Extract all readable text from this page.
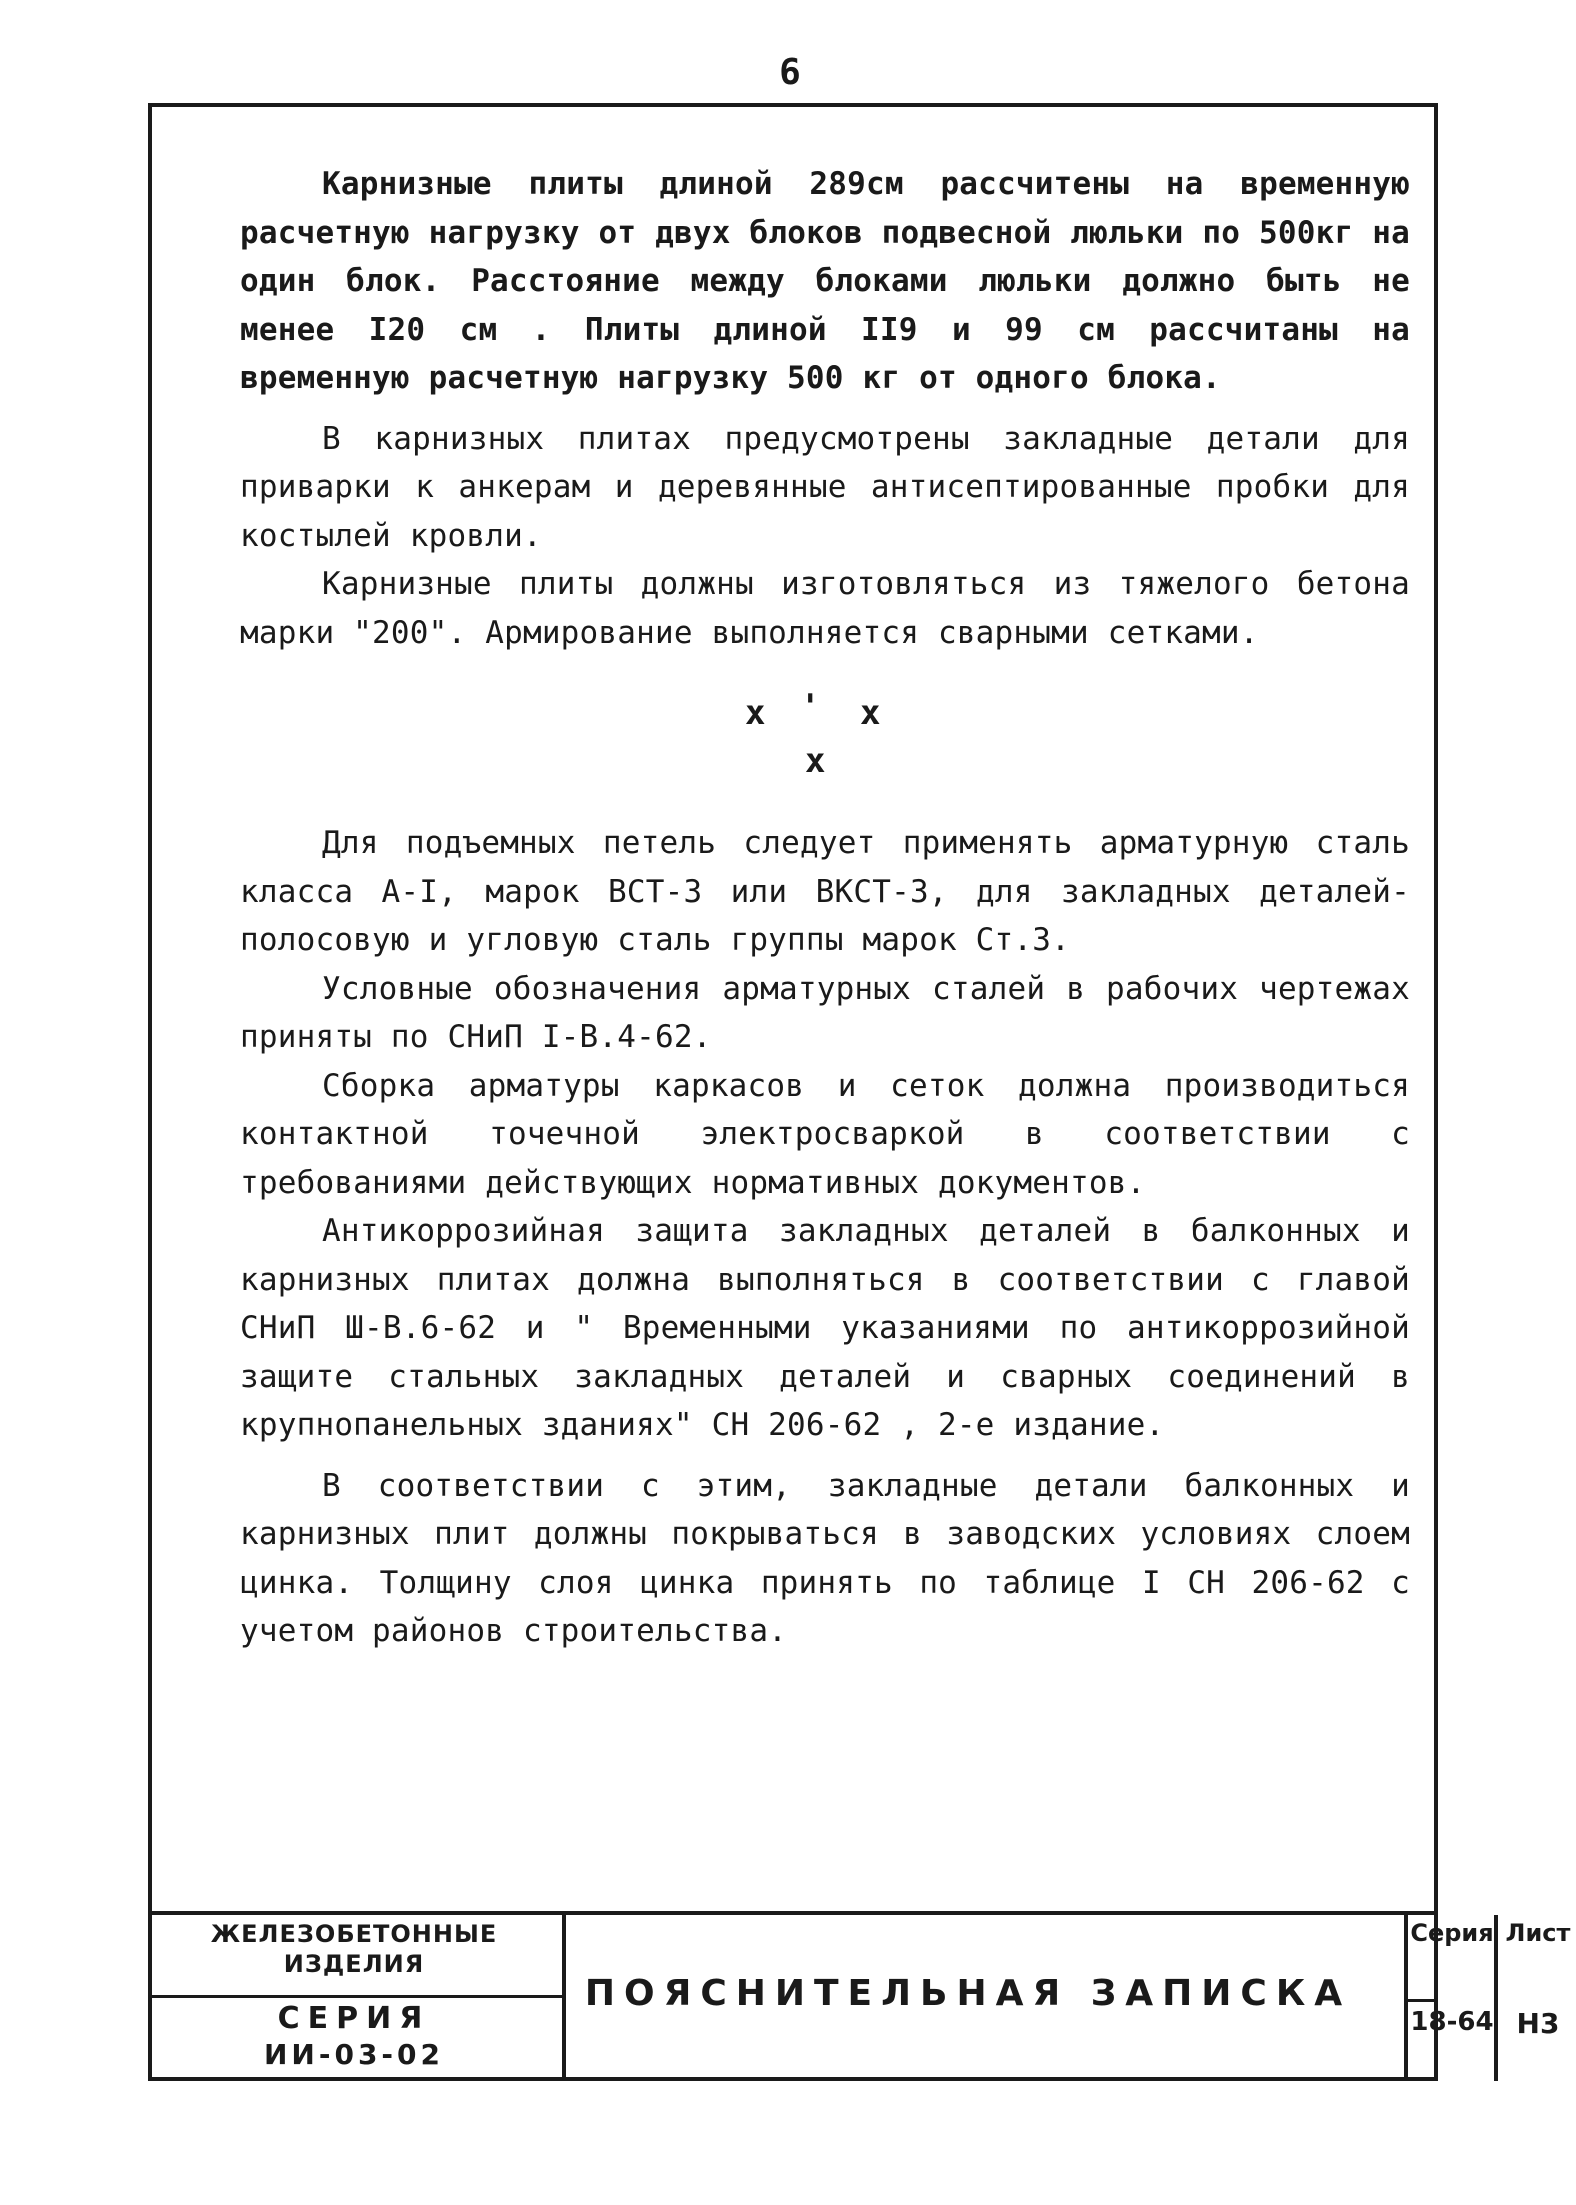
6

Карнизные плиты длиной 289см рассчитены на временную расчетную нагрузку от двух блоков подвесной люльки по 500кг на один блок. Расстояние между блоками люльки должно быть не менее I20 см . Плиты длиной II9 и 99 см рассчитаны на временную расчетную нагрузку 500 кг от одного блока.

В карнизных плитах предусмотрены закладные детали для приварки к анкерам и деревянные антисептированные пробки для костылей кровли.

Карнизные плиты должны изготовляться из тяжелого бетона марки "200". Армирование выполняется сварными сетками.

х ' х
х

Для подъемных петель следует применять арматурную сталь класса А-I, марок ВСТ-3 или ВКСТ-3, для закладных деталей-полосовую и угловую сталь группы марок Ст.3.

Условные обозначения арматурных сталей в рабочих чертежах приняты по СНиП I-В.4-62.

Сборка арматуры каркасов и сеток должна производиться контактной точечной электросваркой в соответствии с требованиями действующих нормативных документов.

Антикоррозийная защита закладных деталей в балконных и карнизных плитах должна выполняться в соответствии с главой СНиП Ш-В.6-62 и " Временными указаниями по антикоррозийной защите стальных закладных деталей и сварных соединений в крупнопанельных зданиях" СН 206-62 , 2-е издание.

В соответствии с этим, закладные детали балконных и карнизных плит должны покрываться в заводских условиях слоем цинка. Толщину слоя цинка принять по таблице I СН 206-62 с учетом районов строительства.

ЖЕЛЕЗОБЕТОННЫЕ ИЗДЕЛИЯ
СЕРИЯ
ИИ-03-02
ПОЯСНИТЕЛЬНАЯ ЗАПИСКА
Серия
18-64
Лист
Н3
